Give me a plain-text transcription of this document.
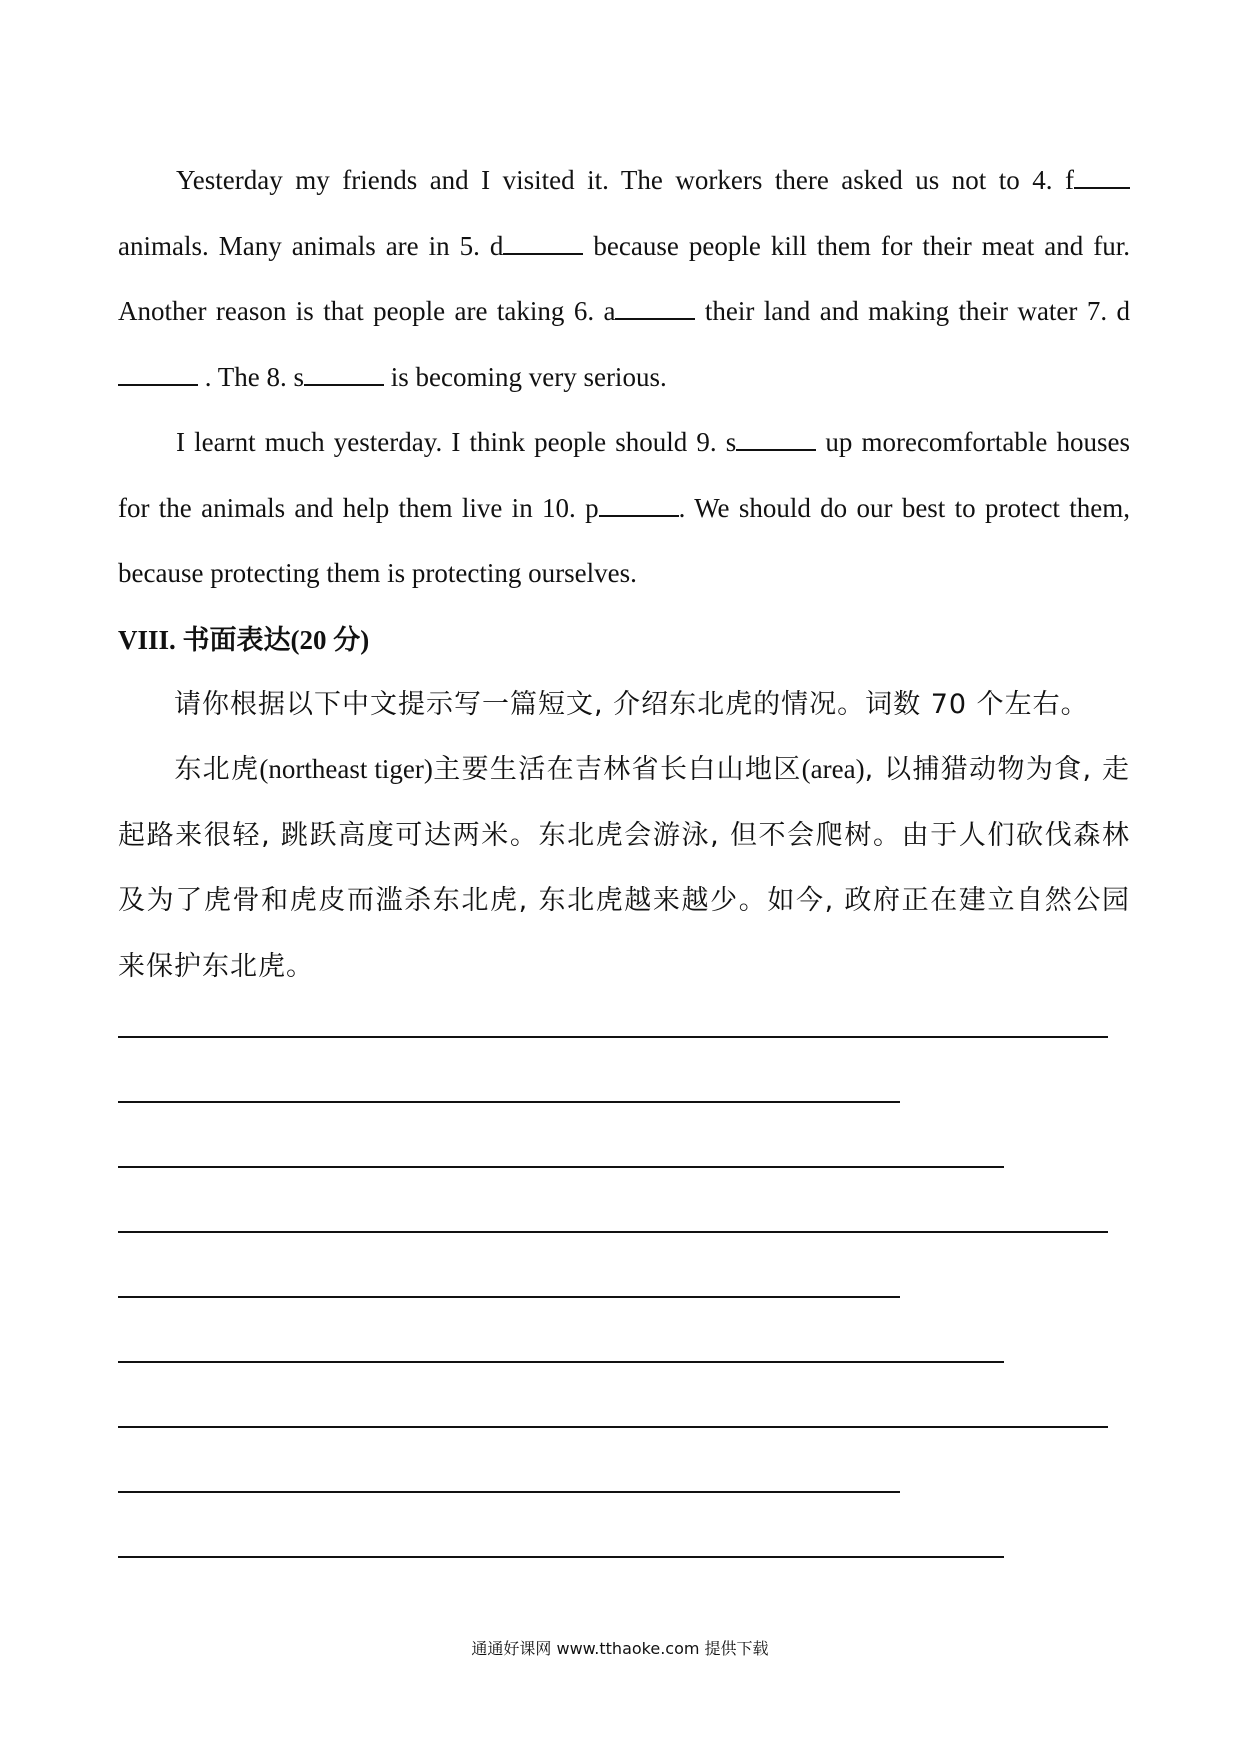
Yesterday my friends and I visited it. The workers there asked us not to 4. f animals. Many animals are in 5. d	because people kill them for their meat and fur. Another reason is that people are taking 6. a	their land and making their water 7. d . The 8. s	is becoming very serious.

I learnt much yesterday. I think people should 9. s	up morecomfortable houses for the animals and help them live in 10. p	. We should do our best to protect them, because protecting them is protecting ourselves.

VIII. 书面表达(20 分)

请你根据以下中文提示写一篇短文, 介绍东北虎的情况。词数 70 个左右。

东北虎(northeast tiger)主要生活在吉林省长白山地区(area), 以捕猎动物为食, 走起路来很轻, 跳跃高度可达两米。东北虎会游泳, 但不会爬树。由于人们砍伐森林及为了虎骨和虎皮而滥杀东北虎, 东北虎越来越少。如今, 政府正在建立自然公园来保护东北虎。

通通好课网 www.tthaoke.com 提供下载
